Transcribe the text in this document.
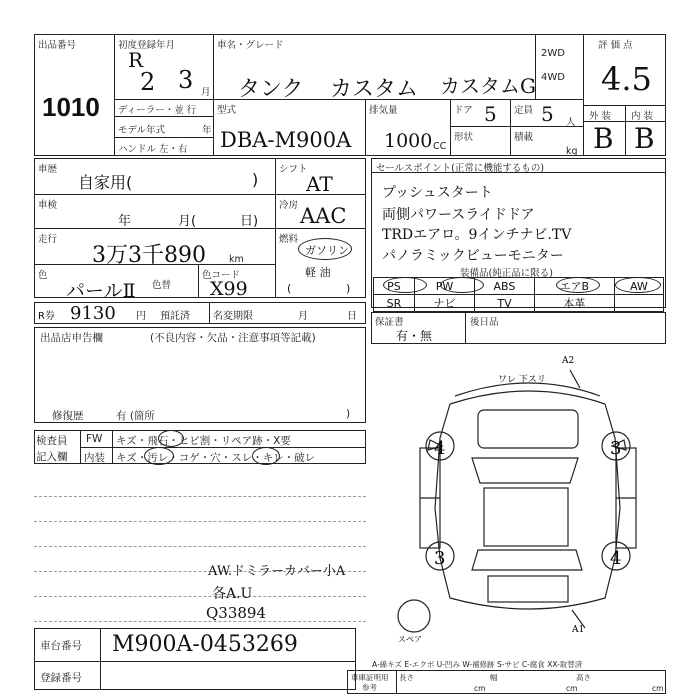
出品番号
1010
初度登録年月
R
2 3 月
車名・グレード
タンク カスタム カスタムG
2WD
4WD
評 価 点
4.5
外 装 内 装
B B
ディーラー・並 行
モデル年式	年
ハンドル 左・右
型式
DBA-M900A
排気量
1000 CC
ドア 5 定員 5 人
形状	積載
kg
車歴
自家用(	)
車検
年	月(	日)
走行
3万3千890 km
色
パールⅡ 色替
色コード
X99
シフト
AT
冷房 AAC
燃料
ガソリン
軽 油
(	)
R券 9130 円 預託済 名変期限	月	日
セールスポイント(正常に機能するもの)
プッシュスタート
両側パワースライドドア
TRDエアロ。9インチナビ.TV
パノラミックビューモニター
装備品(純正品に限る)
PS	PW	ABS	エアB	AW
SR	ナビ	TV	本革	
保証書
有・無
後日品
出品店申告欄	(不良内容・欠品・注意事項等記載)
修復歴	有 (箇所	)
検査員
記入欄
FW キズ・飛石・ヒビ割・リペア跡・X要
内装 キズ・汚レ・コゲ・穴・スレ・キレ・破レ
AW.ドミラーカバー小A
各A.U
Q33894
車台番号 M900A-0453269
登録番号
ワレ 下スリ
A2
A1
4	3
3	4
スペア
A-線キズ E-エクボ U-凹み W-補修跡 S-サビ C-腐食 XX-取替済
車庫証明用
参考
長さ
cm
幅
cm
高さ
cm
